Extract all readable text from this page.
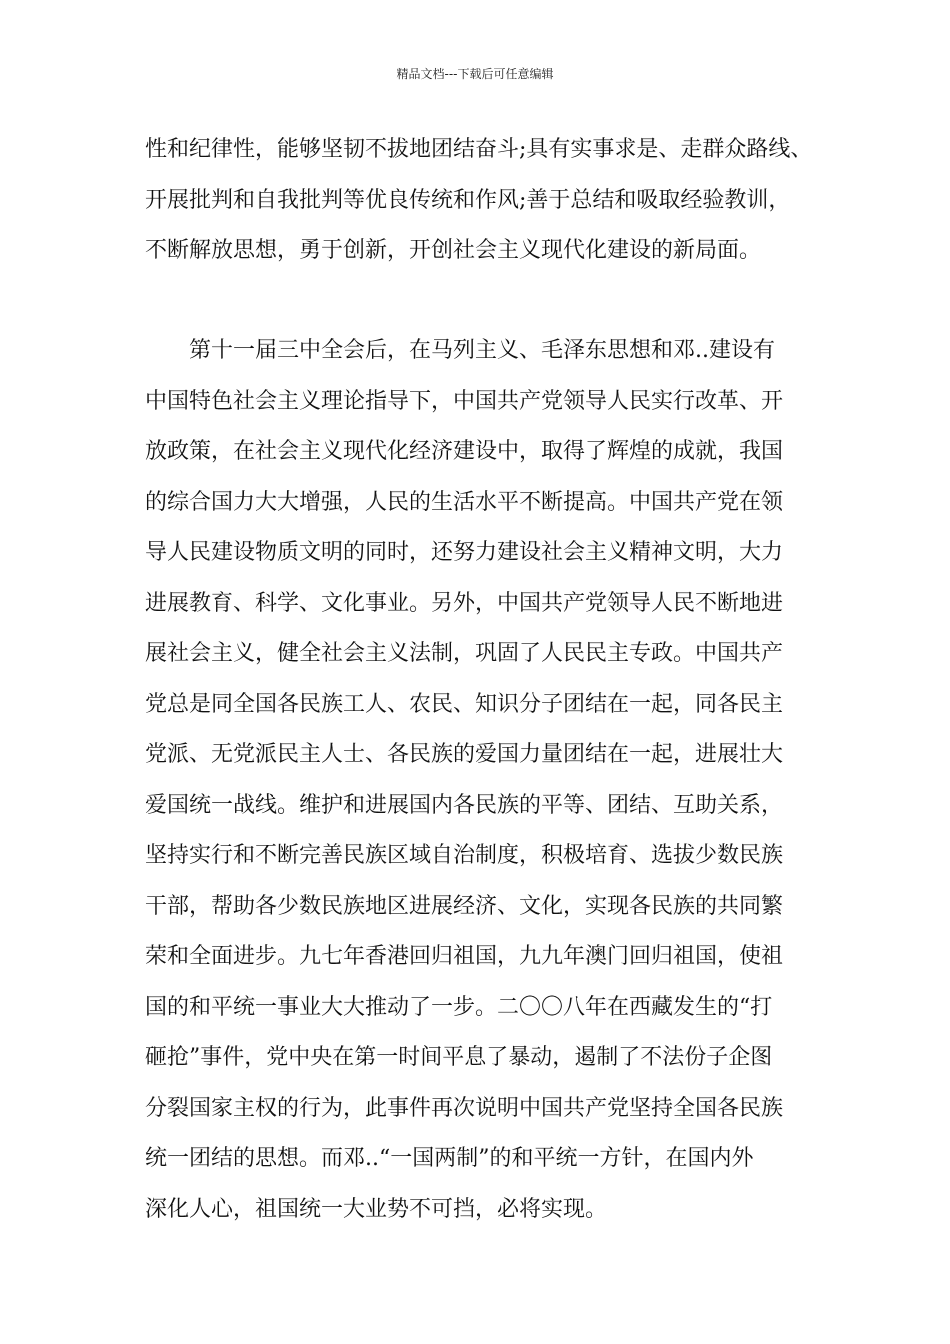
精品文档---下载后可任意编辑
性和纪律性，能够坚韧不拔地团结奋斗;具有实事求是、走群众路线、
开展批判和自我批判等优良传统和作风;善于总结和吸取经验教训，
不断解放思想，勇于创新，开创社会主义现代化建设的新局面。
第十一届三中全会后，在马列主义、毛泽东思想和邓..建设有
中国特色社会主义理论指导下，中国共产党领导人民实行改革、开
放政策，在社会主义现代化经济建设中，取得了辉煌的成就，我国
的综合国力大大增强，人民的生活水平不断提高。中国共产党在领
导人民建设物质文明的同时，还努力建设社会主义精神文明，大力
进展教育、科学、文化事业。另外，中国共产党领导人民不断地进
展社会主义，健全社会主义法制，巩固了人民民主专政。中国共产
党总是同全国各民族工人、农民、知识分子团结在一起，同各民主
党派、无党派民主人士、各民族的爱国力量团结在一起，进展壮大
爱国统一战线。维护和进展国内各民族的平等、团结、互助关系，
坚持实行和不断完善民族区域自治制度，积极培育、选拔少数民族
干部，帮助各少数民族地区进展经济、文化，实现各民族的共同繁
荣和全面进步。九七年香港回归祖国，九九年澳门回归祖国，使祖
国的和平统一事业大大推动了一步。二〇〇八年在西藏发生的“打
砸抢”事件，党中央在第一时间平息了暴动，遏制了不法份子企图
分裂国家主权的行为，此事件再次说明中国共产党坚持全国各民族
统一团结的思想。而邓..“一国两制”的和平统一方针，在国内外
深化人心，祖国统一大业势不可挡，必将实现。
